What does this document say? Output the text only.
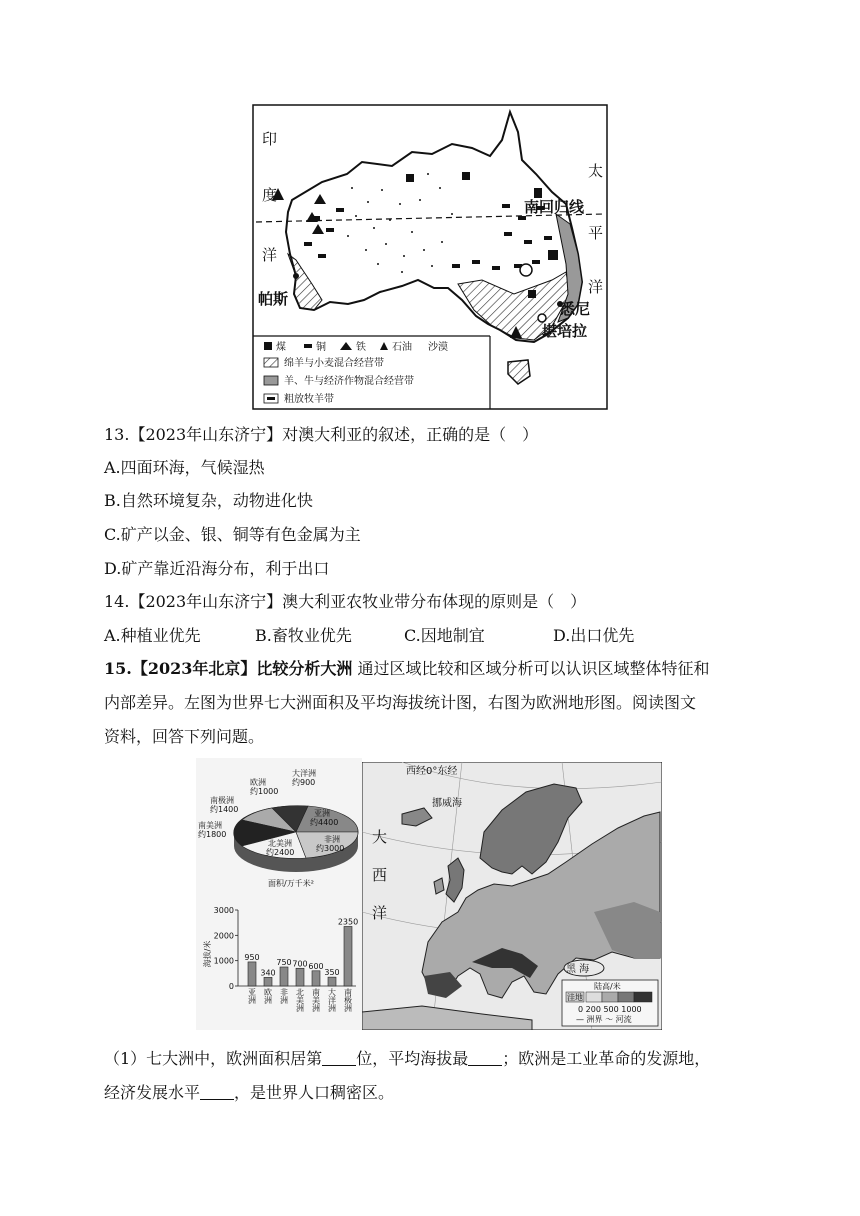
印
度
洋
太
平
洋
南回归线
帕斯
悉尼
堪培拉
煤	铜	铁	石油 沙漠
绵羊与小麦混合经营带
羊、牛与经济作物混合经营带
粗放牧羊带
13.【2023年山东济宁】对澳大利亚的叙述，正确的是（　）
A.四面环海，气候湿热
B.自然环境复杂，动物进化快
C.矿产以金、银、铜等有色金属为主
D.矿产靠近沿海分布，利于出口
14.【2023年山东济宁】澳大利亚农牧业带分布体现的原则是（　）
A.种植业优先	B.畜牧业优先	C.因地制宜	D.出口优先
15.【2023年北京】比较分析大洲 通过区域比较和区域分析可以认识区域整体特征和
内部差异。左图为世界七大洲面积及平均海拔统计图，右图为欧洲地形图。阅读图文
资料，回答下列问题。
亚洲
约4400
非洲
约3000
北美洲
约2400
南美洲
约1800
南极洲
约1400
欧洲
约1000
大洋洲
约900
面积/万千米²
0
1000
2000
3000
950
亚洲
340
欧洲
750
非洲
700
北美洲
600
南美洲
350
大洋洲
2350
南极洲
海拔/米
西经0°东经
挪威海
大
西
洋
黑 海
陆高/米
洼地
0 200 500 1000
— 洲界 〜 河流
（1）七大洲中，欧洲面积居第 位，平均海拔最 ；欧洲是工业革命的发源地，
经济发展水平 ，是世界人口稠密区。
